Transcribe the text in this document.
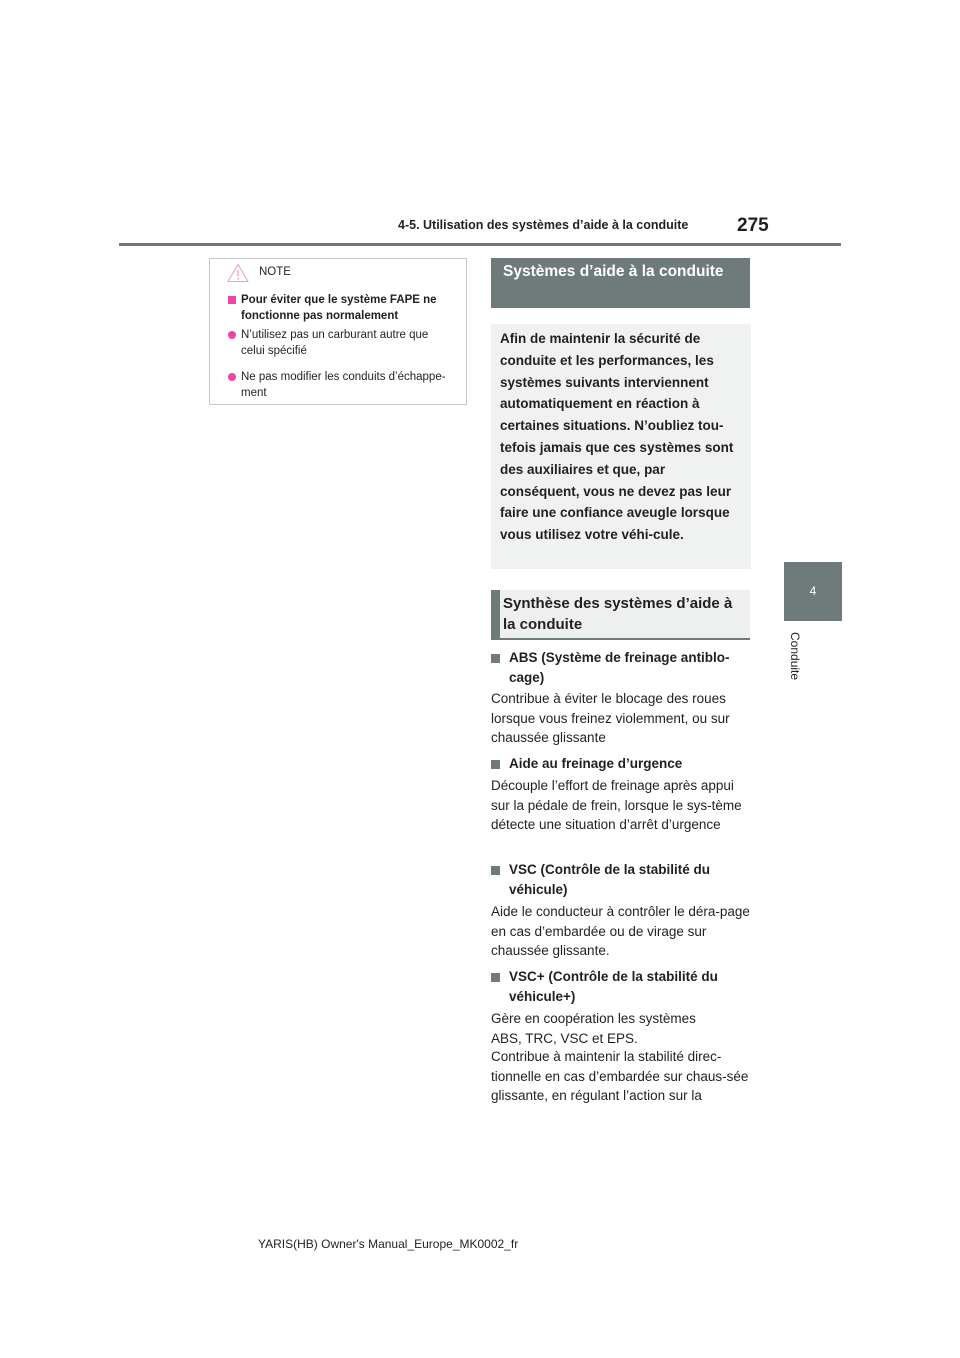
4-5. Utilisation des systèmes d’aide à la conduite	275
4
Conduite
NOTE
Pour éviter que le système FAPE ne fonctionne pas normalement
N’utilisez pas un carburant autre que celui spécifié
Ne pas modifier les conduits d’échappe-ment
Systèmes d’aide à la conduite
Afin de maintenir la sécurité de conduite et les performances, les systèmes suivants interviennent automatiquement en réaction à certaines situations. N’oubliez tou-tefois jamais que ces systèmes sont des auxiliaires et que, par conséquent, vous ne devez pas leur faire une confiance aveugle lorsque vous utilisez votre véhi-cule.
Synthèse des systèmes d’aide à la conduite
ABS (Système de freinage antiblo-cage)
Contribue à éviter le blocage des roues lorsque vous freinez violemment, ou sur chaussée glissante
Aide au freinage d’urgence
Découple l’effort de freinage après appui sur la pédale de frein, lorsque le sys-tème détecte une situation d’arrêt d’urgence
VSC (Contrôle de la stabilité du véhicule)
Aide le conducteur à contrôler le déra-page en cas d’embardée ou de virage sur chaussée glissante.
VSC+ (Contrôle de la stabilité du véhicule+)
Gère en coopération les systèmes ABS, TRC, VSC et EPS.
Contribue à maintenir la stabilité direc-tionnelle en cas d’embardée sur chaus-sée glissante, en régulant l’action sur la
YARIS(HB) Owner's Manual_Europe_MK0002_fr
